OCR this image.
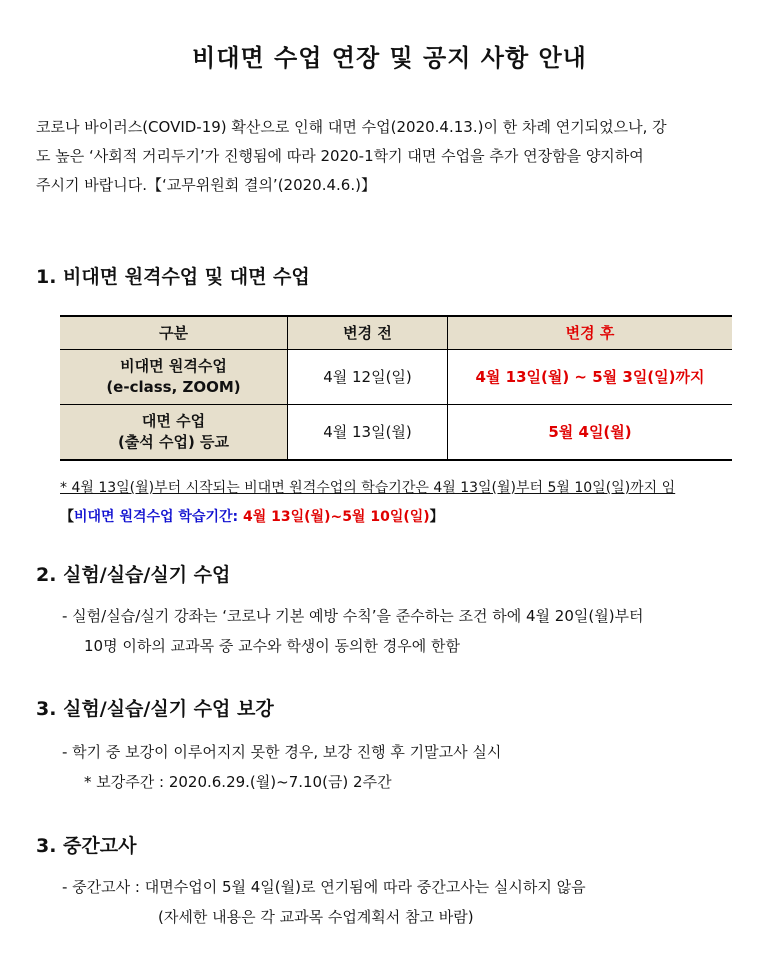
비대면 수업 연장 및 공지 사항 안내

코로나 바이러스(COVID-19) 확산으로 인해 대면 수업(2020.4.13.)이 한 차례 연기되었으나, 강

도 높은 ‘사회적 거리두기’가 진행됨에 따라 2020-1학기 대면 수업을 추가 연장함을 양지하여

주시기 바랍니다.【‘교무위원회 결의’(2020.4.6.)】

1. 비대면 원격수업 및 대면 수업
구분	변경 전	변경 후

비대면 원격수업
(e-class, ZOOM)	4월 12일(일)	4월 13일(월) ~ 5월 3일(일)까지

대면 수업
(출석 수업) 등교	4월 13일(월)	5월 4일(월)
* 4월 13일(월)부터 시작되는 비대면 원격수업의 학습기간은 4월 13일(월)부터 5월 10일(일)까지 임
【비대면 원격수업 학습기간: 4월 13일(월)~5월 10일(일)】
2. 실험/실습/실기 수업
- 실험/실습/실기 강좌는 ‘코로나 기본 예방 수칙’을 준수하는 조건 하에 4월 20일(월)부터
10명 이하의 교과목 중 교수와 학생이 동의한 경우에 한함
3. 실험/실습/실기 수업 보강
- 학기 중 보강이 이루어지지 못한 경우, 보강 진행 후 기말고사 실시
* 보강주간 : 2020.6.29.(월)~7.10(금) 2주간
3. 중간고사
- 중간고사 : 대면수업이 5월 4일(월)로 연기됨에 따라 중간고사는 실시하지 않음
(자세한 내용은 각 교과목 수업계획서 참고 바람)
